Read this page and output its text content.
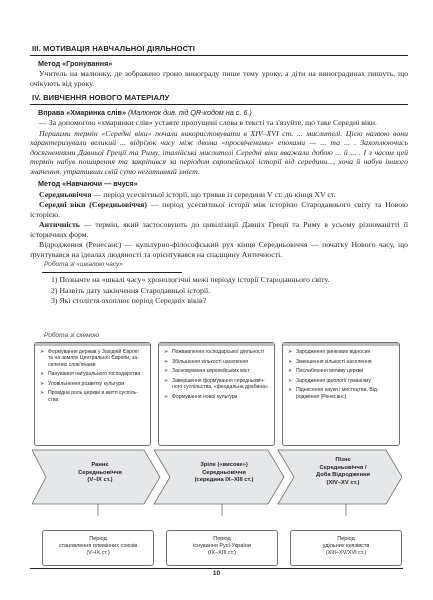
ІІІ. МОТИВАЦІЯ НАВЧАЛЬНОЇ ДІЯЛЬНОСТІ
Метод «Гронування»
Учитель на малюнку, де зображено гроно винограду пише тему уроку, а діти на виноградинах пишуть, що очікують від уроку.
IV. ВИВЧЕННЯ НОВОГО МАТЕРІАЛУ
Вправа «Хмаринка слів» (Малюнок див. під QR-кодом на с. 6.)
— За допомогою «хмаринки слів» уставте пропущені слова в тексті та з'язуйте, що таке Середні віки.
Першими термін «Середні віки» почали використовувати в XIV–XVI ст. ... мислителі. Цією назвою вони характеризували великий ... відрізок часу між двома «просвіченими» епохами — ... та ... . Захоплюючись досягненнями Давньої Греції та Риму, італійські мислителі Середні віки вважали добою ... й ... . І з часом цей термін набув поширення та закріпився за періодом європейської історії від середини..., хоча й набув іншого значення, утративши свій суто негативний зміст.
Метод «Навчаючи — вчуся»
Середньовіччя — період усесвітньої історії, що тривав із середини V ст. до кінця XV ст.
Середні віки (Середньовіччя) — період усесвітньої історії між історією Стародавнього світу та Новою історією.
Античність — термін, який застосовують до цивілізації Давніх Греції та Риму в усьому різноманітті її історичних форм.
Відродження (Ренесанс) — культурно-філософський рух кінця Середньовіччя — початку Нового часу, що ґрунтувався на ідеалах людяності та орієнтувався на спадщину Античності.
Роботa зі «шкалою часу»
1) Позначте на «шкалі часу» хронологічні межі періоду історії Стародавнього світу.
2) Назвіть дату закінчення Стародавньої історії.
3) Які століття охоплює період Середніх віків?
Роботa зі схемою
➤ Формування держав у Західній Європі та на землях Центральної Європи, заселених слов'янами
➤ Панування натурального господарства
➤ Уповільнення розвитку культури
➤ Провідна роль церкви в житті суспільства
➤ Пожвавлення господарської діяльності
➤ Збільшення кількості населення
➤ Засновування європейських міст
➤ Завершення формування середньовічного суспільства, «феодальна драбина»
➤ Формування нової культури
➤ Зародження ринкових відносин
➤ Зменшення кількості населення
➤ Послаблення впливу церкви
➤ Зародження ідеології гуманізму
➤ Піднесення науки і мистецтва, Відродження (Ренесанс)
Раннє
Середньовіччя
(V–IX ст.)
Зріле («високе»)
Середньовіччя
(середина IX–XIII ст.)
Пізнє
Середньовіччя /
Доба Відродження
(XIV–XV ст.)
Період
становлення племінних союзів
(V–IX ст.)
Період
існування Русі-України
(IX–XIII ст.)
Період
удільних князівств
(XIII–XV/XVI ст.)
10
